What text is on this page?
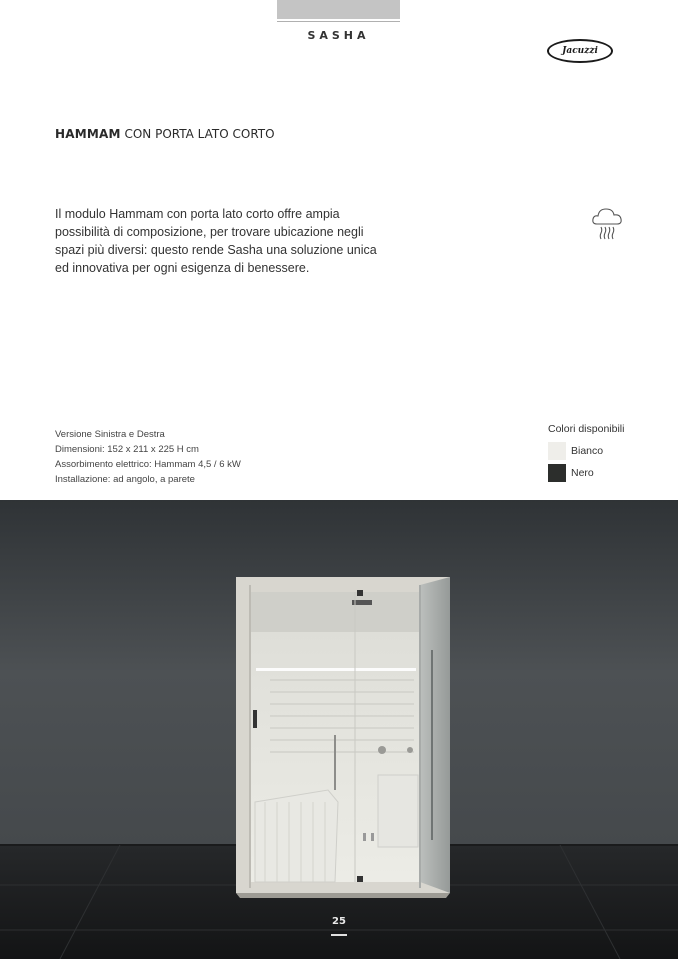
SASHA
Jacuzzi
HAMMAM CON PORTA LATO CORTO
Il modulo Hammam con porta lato corto offre ampia possibilità di composizione, per trovare ubicazione negli spazi più diversi: questo rende Sasha una soluzione unica ed innovativa per ogni esigenza di benessere.
Versione Sinistra e Destra
Dimensioni: 152 x 211 x 225 H cm
Assorbimento elettrico: Hammam 4,5 / 6 kW
Installazione: ad angolo, a parete
Colori disponibili
Bianco
Nero
25
